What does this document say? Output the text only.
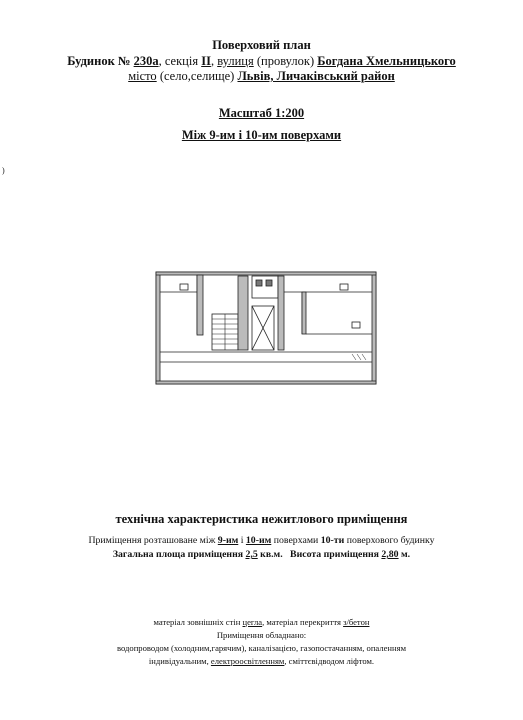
Поверховий план
Будинок № 230а, секція II, вулиця (провулок) Богдана Хмельницького
місто (село,селище) Львів, Личаківський район
Масштаб 1:200
Між 9-им і 10-им поверхами
)
технічна характеристика нежитлового приміщення
Приміщення розташоване між 9-им і 10-им поверхами 10-ти поверхового будинку
Загальна площа приміщення 2,5 кв.м.   Висота приміщення 2,80 м.
матеріал зовнішніх стін цегла, матеріал перекриття з/бетон
Приміщення обладнано:
водопроводом (холодним,гарячим), каналізацією, газопостачанням, опаленням
індивідуальним, електроосвітленням, сміттєвідводом ліфтом.
